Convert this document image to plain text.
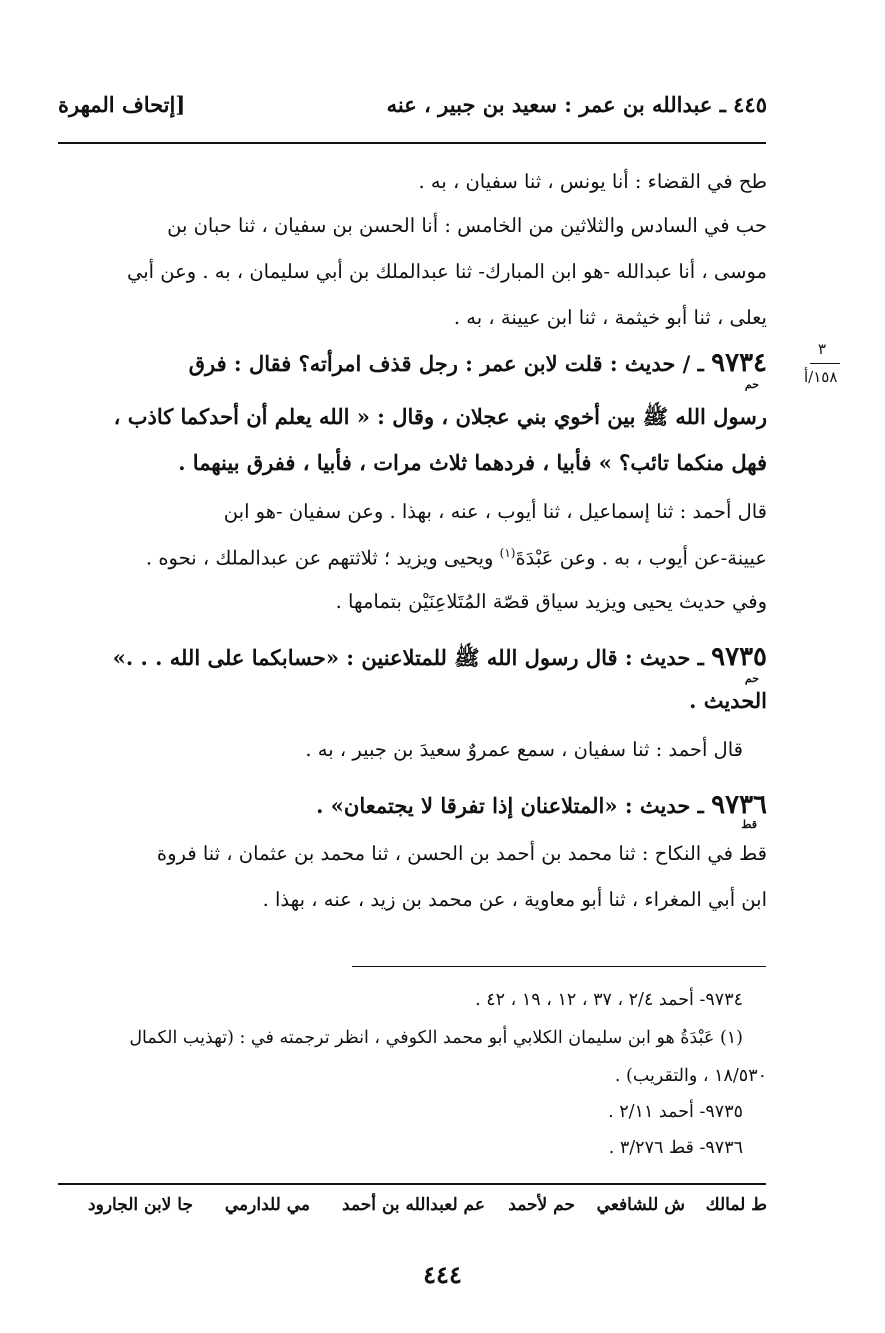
٤٤٥ ـ عبدالله بن عمر : سعيد بن جبير ، عنه
[إتحاف المهرة
طح في القضاء : أنا يونس ، ثنا سفيان ، به .
حب في السادس والثلاثين من الخامس : أنا الحسن بن سفيان ، ثنا حبان بن
موسى ، أنا عبدالله -هو ابن المبارك- ثنا عبدالملك بن أبي سليمان ، به . وعن أبي
يعلى ، ثنا أبو خيثمة ، ثنا ابن عيينة ، به .
٣
١٥٨/أ
٩٧٣٤ ـ / حديث : قلت لابن عمر : رجل قذف امرأته؟ فقال : فرق
حم
رسول الله ﷺ بين أخوي بني عجلان ، وقال : « الله يعلم أن أحدكما كاذب ،
فهل منكما تائب؟ » فأبيا ، فردهما ثلاث مرات ، فأبيا ، ففرق بينهما .
قال أحمد : ثنا إسماعيل ، ثنا أيوب ، عنه ، بهذا . وعن سفيان -هو ابن
عيينة-عن أيوب ، به . وعن عَبْدَةَ$^{(١)}$ ويحيى ويزيد ؛ ثلاثتهم عن عبدالملك ، نحوه .
وفي حديث يحيى ويزيد سياق قصّة المُتَلاعِنَيْن بتمامها .
٩٧٣٥ ـ حديث : قال رسول الله ﷺ للمتلاعنين : «حسابكما على الله . . .»
حم
الحديث .
قال أحمد : ثنا سفيان ، سمع عمروٌ سعيدَ بن جبير ، به .
٩٧٣٦ ـ حديث : «المتلاعنان إذا تفرقا لا يجتمعان» .
قط
قط في النكاح : ثنا محمد بن أحمد بن الحسن ، ثنا محمد بن عثمان ، ثنا فروة
ابن أبي المغراء ، ثنا أبو معاوية ، عن محمد بن زيد ، عنه ، بهذا .
٩٧٣٤- أحمد ٢/٤ ، ٣٧ ، ١٢ ، ١٩ ، ٤٢ .
(١) عَبْدَةُ هو ابن سليمان الكلابي أبو محمد الكوفي ، انظر ترجمته في : (تهذيب الكمال
١٨/٥٣٠ ، والتقريب) .
٩٧٣٥- أحمد ٢/١١ .
٩٧٣٦- قط ٣/٢٧٦ .
ط لمالك
ش للشافعي
حم لأحمد
عم لعبدالله بن أحمد
مي للدارمي
جا لابن الجارود
٤٤٤
